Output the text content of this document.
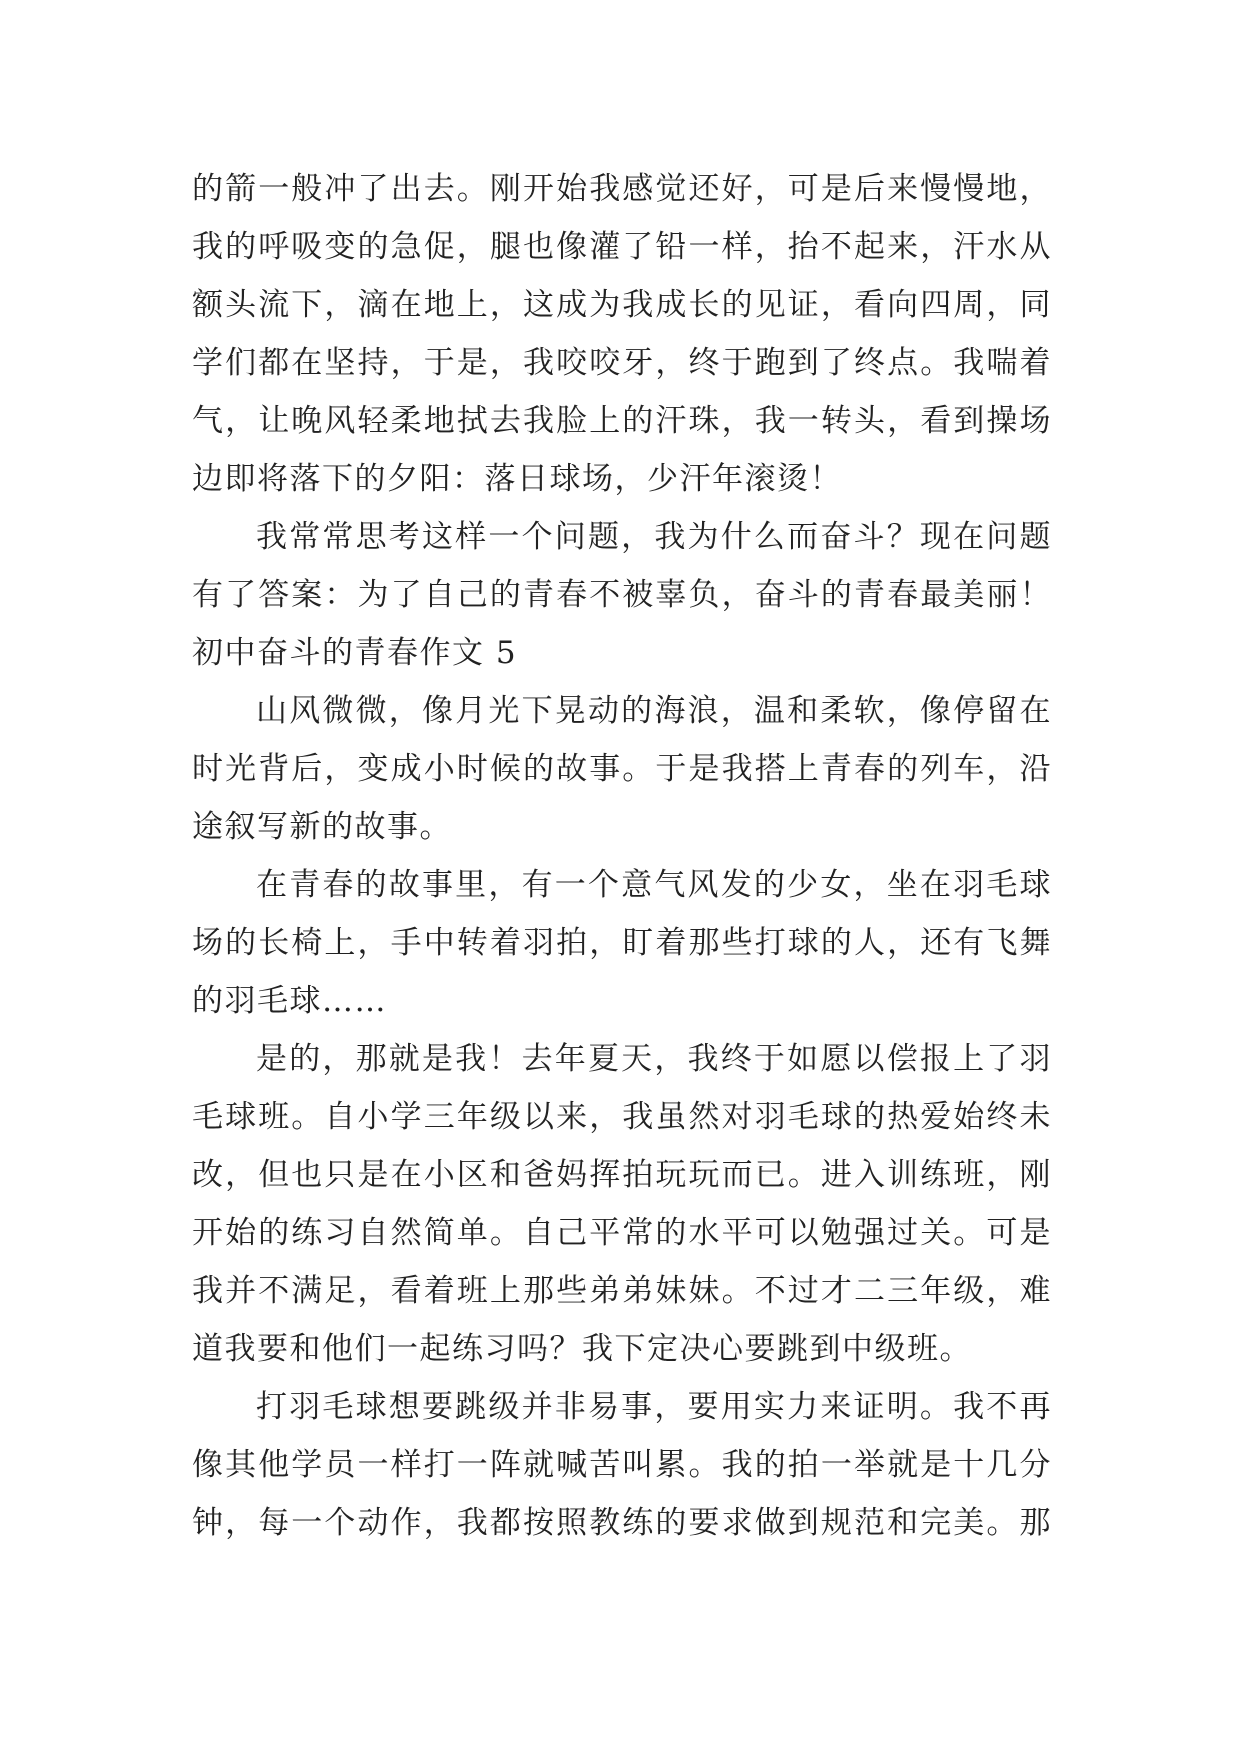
的箭一般冲了出去。刚开始我感觉还好，可是后来慢慢地，
我的呼吸变的急促，腿也像灌了铅一样，抬不起来，汗水从
额头流下，滴在地上，这成为我成长的见证，看向四周，同
学们都在坚持，于是，我咬咬牙，终于跑到了终点。我喘着
气，让晚风轻柔地拭去我脸上的汗珠，我一转头，看到操场
边即将落下的夕阳：落日球场，少汗年滚烫！
我常常思考这样一个问题，我为什么而奋斗？现在问题
有了答案：为了自己的青春不被辜负，奋斗的青春最美丽！
初中奋斗的青春作文 5
山风微微，像月光下晃动的海浪，温和柔软，像停留在
时光背后，变成小时候的故事。于是我搭上青春的列车，沿
途叙写新的故事。
在青春的故事里，有一个意气风发的少女，坐在羽毛球
场的长椅上，手中转着羽拍，盯着那些打球的人，还有飞舞
的羽毛球……
是的，那就是我！去年夏天，我终于如愿以偿报上了羽
毛球班。自小学三年级以来，我虽然对羽毛球的热爱始终未
改，但也只是在小区和爸妈挥拍玩玩而已。进入训练班，刚
开始的练习自然简单。自己平常的水平可以勉强过关。可是
我并不满足，看着班上那些弟弟妹妹。不过才二三年级，难
道我要和他们一起练习吗？我下定决心要跳到中级班。
打羽毛球想要跳级并非易事，要用实力来证明。我不再
像其他学员一样打一阵就喊苦叫累。我的拍一举就是十几分
钟，每一个动作，我都按照教练的要求做到规范和完美。那
